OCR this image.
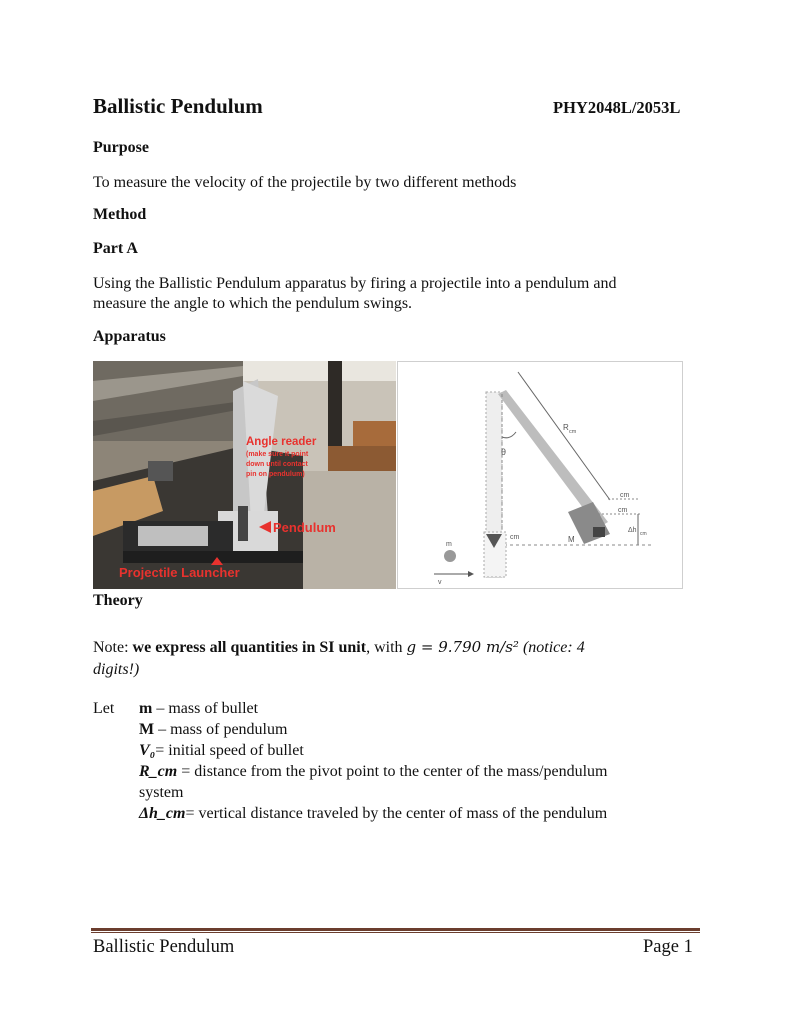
Ballistic Pendulum	PHY2048L/2053L
Purpose
To measure the velocity of the projectile by two different methods
Method
Part A
Using the Ballistic Pendulum apparatus by firing a projectile into a pendulum and
measure the angle to which the pendulum swings.
Apparatus
Angle reader
(make sure it point
down until contact
pin on pendulum)
Pendulum
Projectile Launcher
θ
R cm
M
cm
cm
Δh cm
cm
m
v
Theory
Note: we express all quantities in SI unit, with g = 9.790 m/s² (notice: 4
digits!)
Let m – mass of bullet
M – mass of pendulum
V₀= initial speed of bullet
R_cm = distance from the pivot point to the center of the mass/pendulum
system
Δh_cm= vertical distance traveled by the center of mass of the pendulum
Ballistic Pendulum	Page 1
